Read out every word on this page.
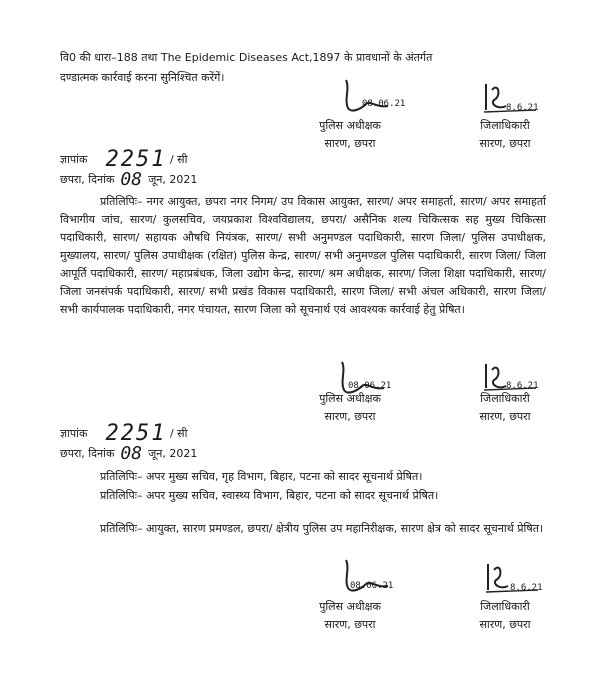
वि0 की धारा–188 तथा The Epidemic Diseases Act,1897 के प्रावधानों के अंतर्गत
दण्डात्मक कार्रवाई करना सुनिश्चित करेंगें।
08.06.21	8.6.21
पुलिस अधीक्षक
सारण, छपरा
जिलाधिकारी
सारण, छपरा
ज्ञापांक 2251 / सी
छपरा, दिनांक 08 जून, 2021
प्रतिलिपिः– नगर आयुक्त, छपरा नगर निगम/ उप विकास आयुक्त, सारण/ अपर समाहर्ता, सारण/ अपर समाहर्ता विभागीय जांच, सारण/ कुलसचिव, जयप्रकाश विश्वविद्यालय, छपरा/ असैनिक शल्य चिकित्सक सह मुख्य चिकित्सा पदाधिकारी, सारण/ सहायक औषधि नियंत्रक, सारण/ सभी अनुमण्डल पदाधिकारी, सारण जिला/ पुलिस उपाधीक्षक, मुख्यालय, सारण/ पुलिस उपाधीक्षक (रक्षित) पुलिस केन्द्र, सारण/ सभी अनुमण्डल पुलिस पदाधिकारी, सारण जिला/ जिला आपूर्ति पदाधिकारी, सारण/ महाप्रबंधक, जिला उद्योग केन्द्र, सारण/ श्रम अधीक्षक, सारण/ जिला शिक्षा पदाधिकारी, सारण/ जिला जनसंपर्क पदाधिकारी, सारण/ सभी प्रखंड विकास पदाधिकारी, सारण जिला/ सभी अंचल अधिकारी, सारण जिला/ सभी कार्यपालक पदाधिकारी, नगर पंचायत, सारण जिला को सूचनार्थ एवं आवश्यक कार्रवाई हेतु प्रेषित।
08.06.21	8.6.21
पुलिस अधीक्षक
सारण, छपरा
जिलाधिकारी
सारण, छपरा
ज्ञापांक 2251 / सी
छपरा, दिनांक 08 जून, 2021
प्रतिलिपिः– अपर मुख्य सचिव, गृह विभाग, बिहार, पटना को सादर सूचनार्थ प्रेषित।
प्रतिलिपिः– अपर मुख्य सचिव, स्वास्थ्य विभाग, बिहार, पटना को सादर सूचनार्थ प्रेषित।
प्रतिलिपिः– आयुक्त, सारण प्रमण्डल, छपरा/ क्षेत्रीय पुलिस उप महानिरीक्षक, सारण क्षेत्र को सादर सूचनार्थ प्रेषित।
08.06.21	8.6.21
पुलिस अधीक्षक
सारण, छपरा
जिलाधिकारी
सारण, छपरा
